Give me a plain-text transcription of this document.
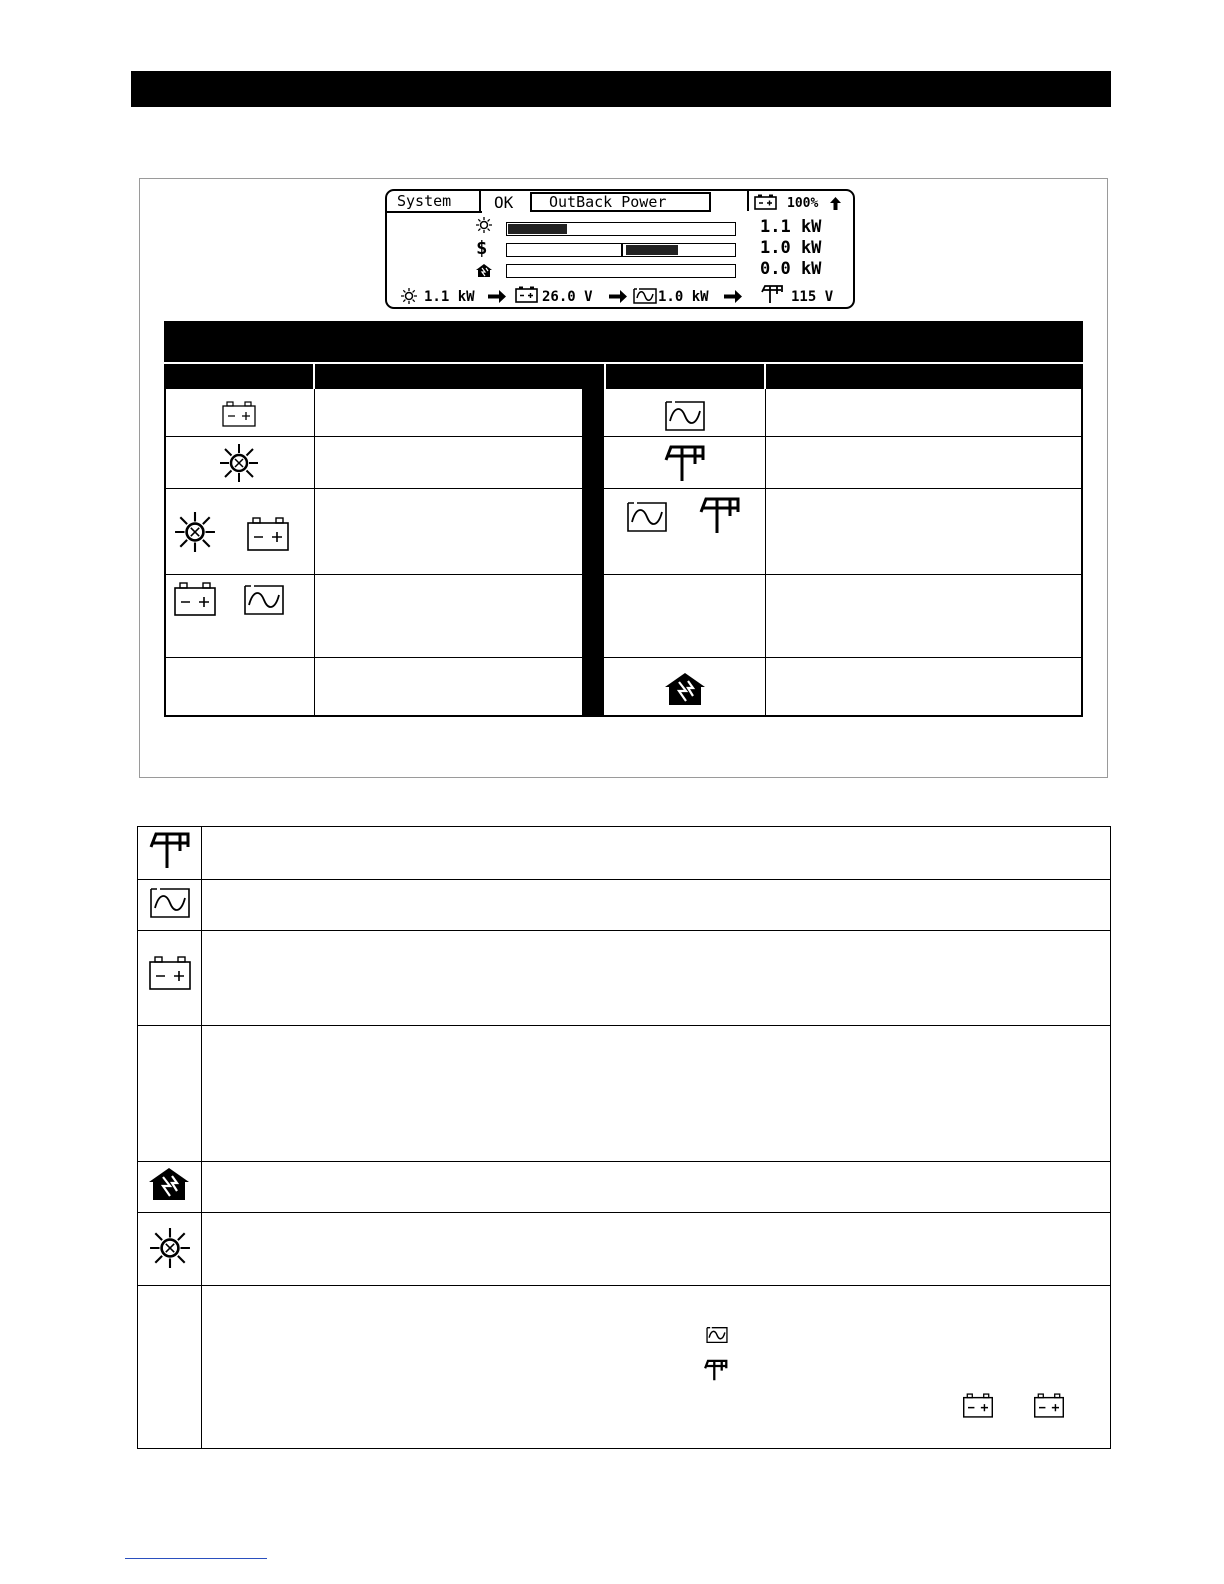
System	OK OutBack Power	100%
1.1 kW
$	1.0 kW
0.0 kW
1.1 kW	26.0 V	1.0 kW	115 V
